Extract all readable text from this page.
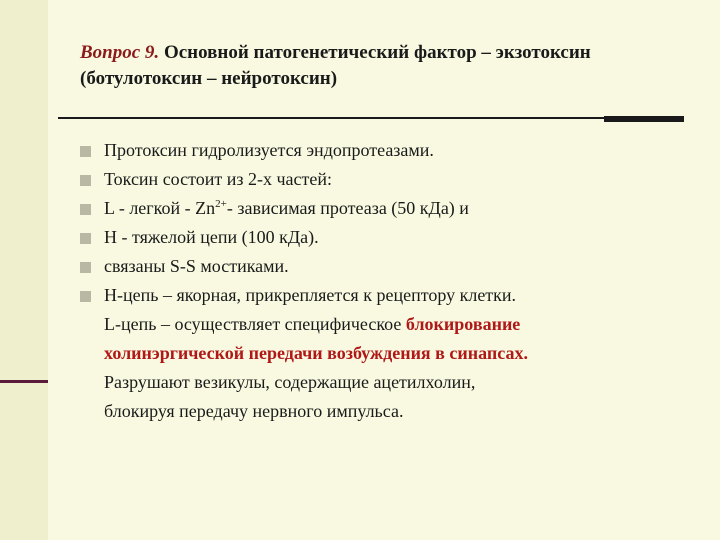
Вопрос 9. Основной патогенетический фактор – экзотоксин (ботулотоксин – нейротоксин)
Протоксин гидролизуется эндопротеазами.
Токсин состоит из 2-х частей:
L - легкой - $Zn^{2+}-$ зависимая протеаза (50 кДа) и
Н - тяжелой цепи (100 кДа).
связаны S-S мостиками.
Н-цепь – якорная, прикрепляется к рецептору клетки.
L-цепь – осуществляет специфическое блокирование
холинэргической передачи возбуждения в синапсах.
Разрушают везикулы, содержащие ацетилхолин,
блокируя передачу нервного импульса.
